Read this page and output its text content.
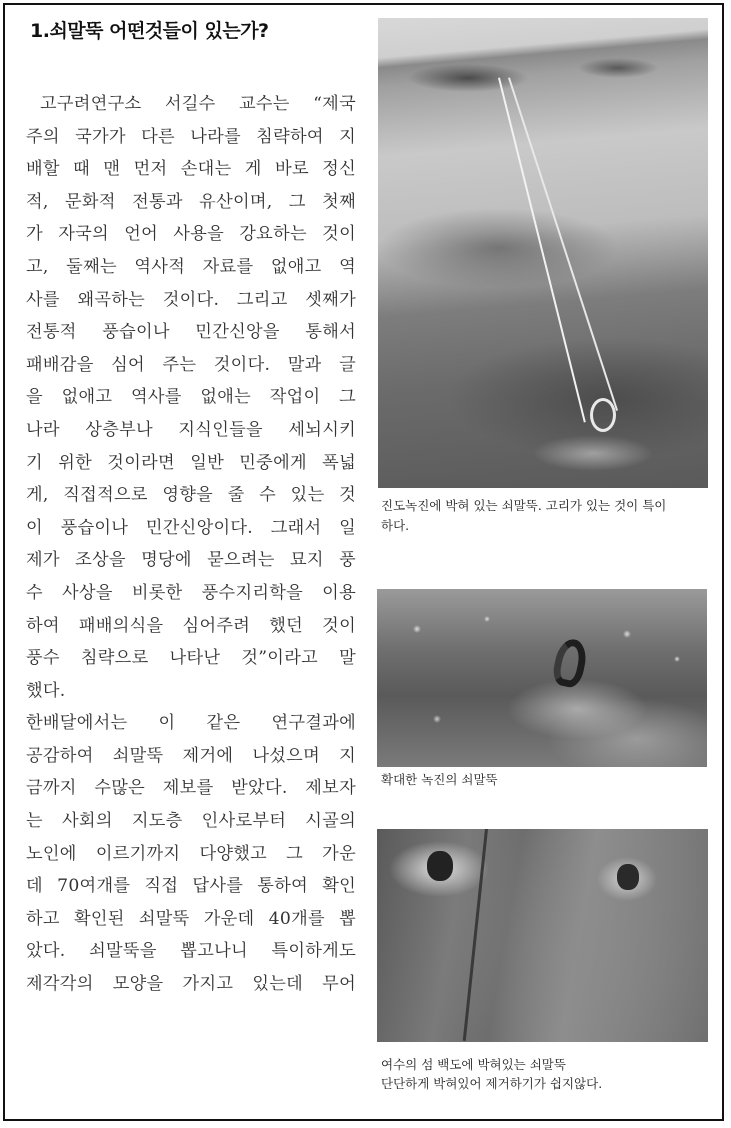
1.쇠말뚝 어떤것들이 있는가?
고구려연구소 서길수 교수는 “제국
주의 국가가 다른 나라를 침략하여 지
배할 때 맨 먼저 손대는 게 바로 정신
적, 문화적 전통과 유산이며, 그 첫째
가 자국의 언어 사용을 강요하는 것이
고, 둘째는 역사적 자료를 없애고 역
사를 왜곡하는 것이다. 그리고 셋째가
전통적 풍습이나 민간신앙을 통해서
패배감을 심어 주는 것이다. 말과 글
을 없애고 역사를 없애는 작업이 그
나라 상층부나 지식인들을 세뇌시키
기 위한 것이라면 일반 민중에게 폭넓
게, 직접적으로 영향을 줄 수 있는 것
이 풍습이나 민간신앙이다. 그래서 일
제가 조상을 명당에 묻으려는 묘지 풍
수 사상을 비롯한 풍수지리학을 이용
하여 패배의식을 심어주려 했던 것이
풍수 침략으로 나타난 것”이라고 말
했다.
한배달에서는 이 같은 연구결과에
공감하여 쇠말뚝 제거에 나섰으며 지
금까지 수많은 제보를 받았다. 제보자
는 사회의 지도층 인사로부터 시골의
노인에 이르기까지 다양했고 그 가운
데 70여개를 직접 답사를 통하여 확인
하고 확인된 쇠말뚝 가운데 40개를 뽑
았다. 쇠말뚝을 뽑고나니 특이하게도
제각각의 모양을 가지고 있는데 무어
진도녹진에 박혀 있는 쇠말뚝. 고리가 있는 것이 특이
하다.
확대한 녹진의 쇠말뚝
여수의 섬 백도에 박혀있는 쇠말뚝
단단하게 박혀있어 제거하기가 쉽지않다.
